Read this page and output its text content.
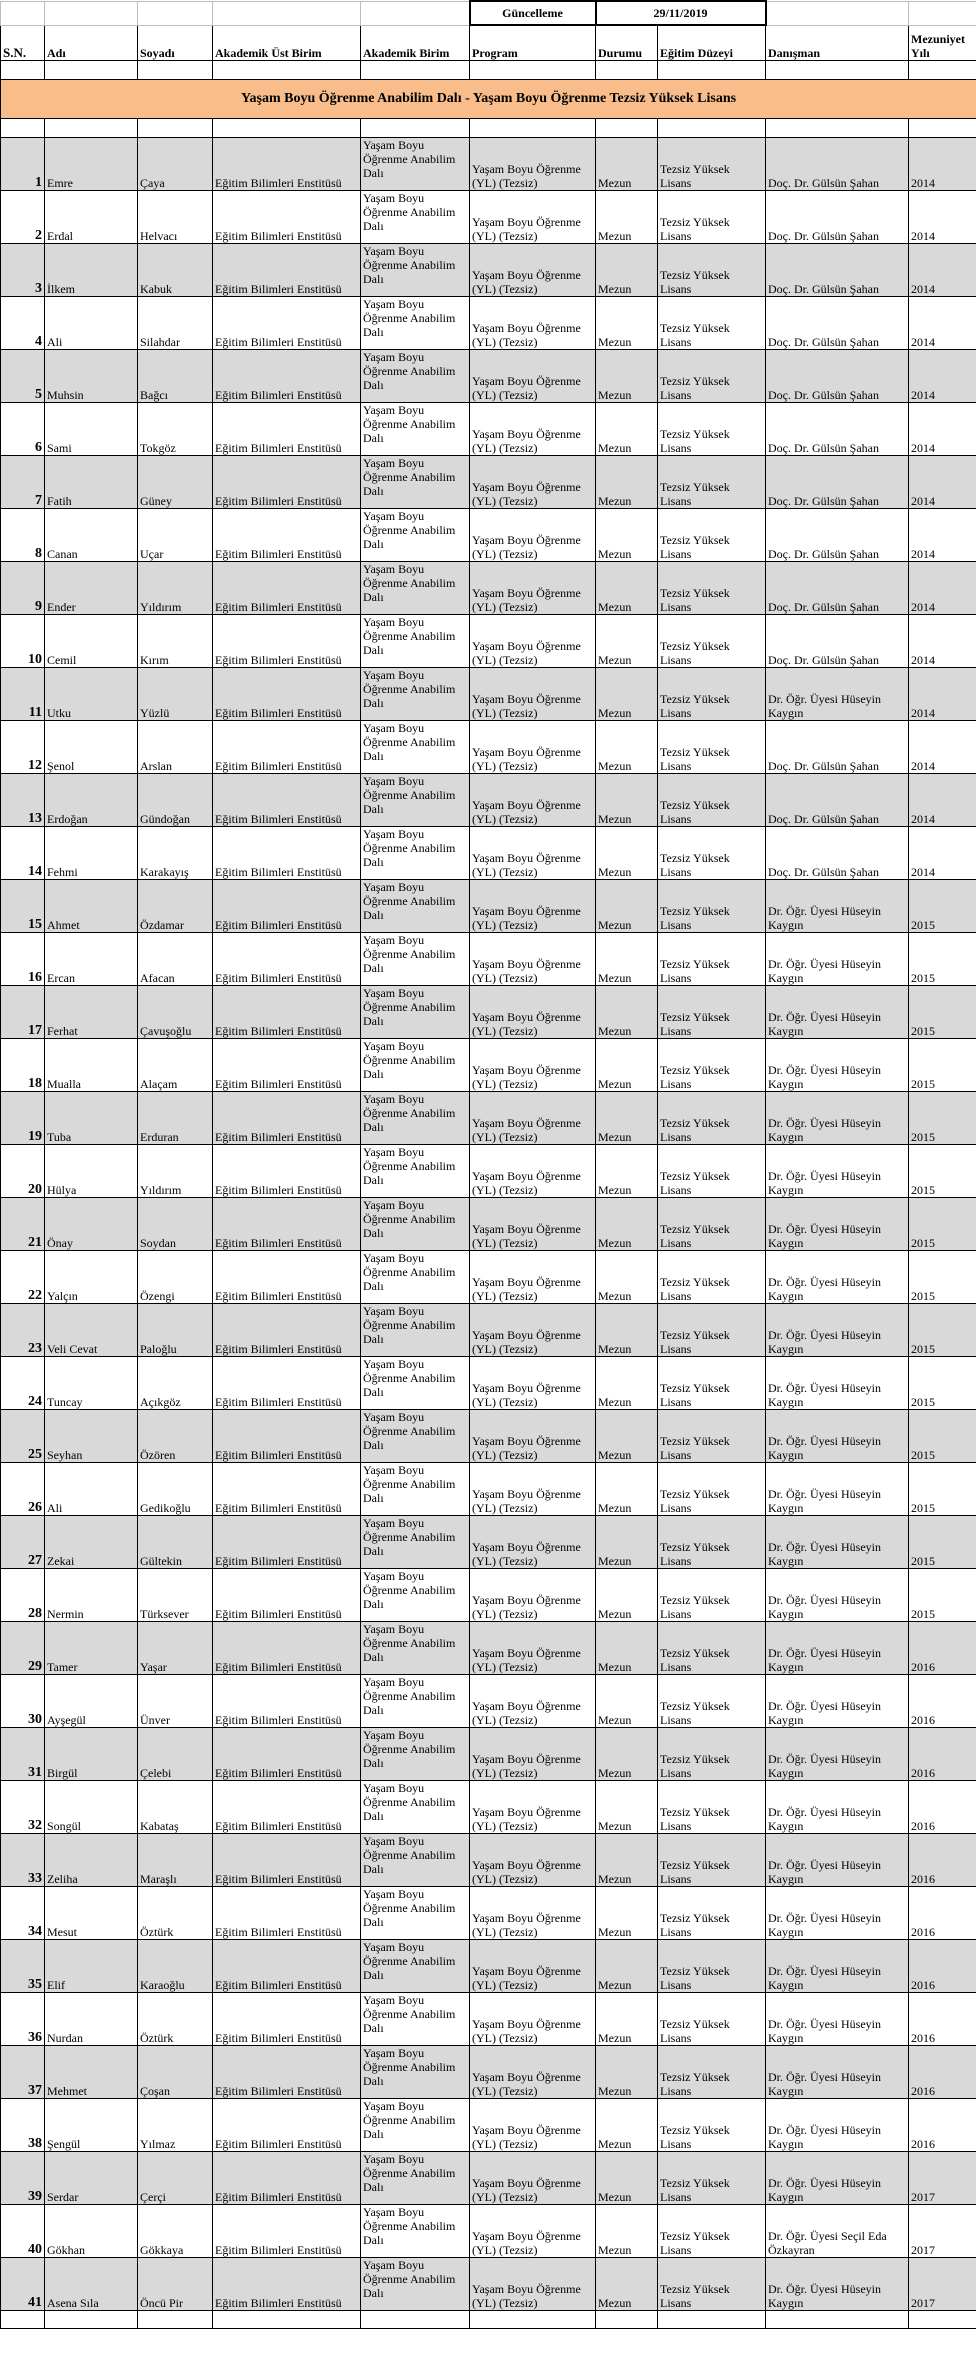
					Güncelleme	29/11/2019			
S.N.	Adı	Soyadı	Akademik Üst Birim	Akademik Birim	Program	Durumu	Eğitim Düzeyi	Danışman	Mezuniyet Yılı

Yaşam Boyu Öğrenme Anabilim Dalı - Yaşam Boyu Öğrenme Tezsiz Yüksek Lisans									

1	Emre	Çaya	Eğitim Bilimleri Enstitüsü	Yaşam Boyu Öğrenme Anabilim Dalı	Yaşam Boyu Öğrenme (YL) (Tezsiz)	Mezun	Tezsiz Yüksek Lisans	Doç. Dr. Gülsün Şahan	2014
2	Erdal	Helvacı	Eğitim Bilimleri Enstitüsü	Yaşam Boyu Öğrenme Anabilim Dalı	Yaşam Boyu Öğrenme (YL) (Tezsiz)	Mezun	Tezsiz Yüksek Lisans	Doç. Dr. Gülsün Şahan	2014
3	İlkem	Kabuk	Eğitim Bilimleri Enstitüsü	Yaşam Boyu Öğrenme Anabilim Dalı	Yaşam Boyu Öğrenme (YL) (Tezsiz)	Mezun	Tezsiz Yüksek Lisans	Doç. Dr. Gülsün Şahan	2014
4	Ali	Silahdar	Eğitim Bilimleri Enstitüsü	Yaşam Boyu Öğrenme Anabilim Dalı	Yaşam Boyu Öğrenme (YL) (Tezsiz)	Mezun	Tezsiz Yüksek Lisans	Doç. Dr. Gülsün Şahan	2014
5	Muhsin	Bağcı	Eğitim Bilimleri Enstitüsü	Yaşam Boyu Öğrenme Anabilim Dalı	Yaşam Boyu Öğrenme (YL) (Tezsiz)	Mezun	Tezsiz Yüksek Lisans	Doç. Dr. Gülsün Şahan	2014
6	Sami	Tokgöz	Eğitim Bilimleri Enstitüsü	Yaşam Boyu Öğrenme Anabilim Dalı	Yaşam Boyu Öğrenme (YL) (Tezsiz)	Mezun	Tezsiz Yüksek Lisans	Doç. Dr. Gülsün Şahan	2014
7	Fatih	Güney	Eğitim Bilimleri Enstitüsü	Yaşam Boyu Öğrenme Anabilim Dalı	Yaşam Boyu Öğrenme (YL) (Tezsiz)	Mezun	Tezsiz Yüksek Lisans	Doç. Dr. Gülsün Şahan	2014
8	Canan	Uçar	Eğitim Bilimleri Enstitüsü	Yaşam Boyu Öğrenme Anabilim Dalı	Yaşam Boyu Öğrenme (YL) (Tezsiz)	Mezun	Tezsiz Yüksek Lisans	Doç. Dr. Gülsün Şahan	2014
9	Ender	Yıldırım	Eğitim Bilimleri Enstitüsü	Yaşam Boyu Öğrenme Anabilim Dalı	Yaşam Boyu Öğrenme (YL) (Tezsiz)	Mezun	Tezsiz Yüksek Lisans	Doç. Dr. Gülsün Şahan	2014
10	Cemil	Kırım	Eğitim Bilimleri Enstitüsü	Yaşam Boyu Öğrenme Anabilim Dalı	Yaşam Boyu Öğrenme (YL) (Tezsiz)	Mezun	Tezsiz Yüksek Lisans	Doç. Dr. Gülsün Şahan	2014
11	Utku	Yüzlü	Eğitim Bilimleri Enstitüsü	Yaşam Boyu Öğrenme Anabilim Dalı	Yaşam Boyu Öğrenme (YL) (Tezsiz)	Mezun	Tezsiz Yüksek Lisans	Dr. Öğr. Üyesi Hüseyin Kaygın	2014
12	Şenol	Arslan	Eğitim Bilimleri Enstitüsü	Yaşam Boyu Öğrenme Anabilim Dalı	Yaşam Boyu Öğrenme (YL) (Tezsiz)	Mezun	Tezsiz Yüksek Lisans	Doç. Dr. Gülsün Şahan	2014
13	Erdoğan	Gündoğan	Eğitim Bilimleri Enstitüsü	Yaşam Boyu Öğrenme Anabilim Dalı	Yaşam Boyu Öğrenme (YL) (Tezsiz)	Mezun	Tezsiz Yüksek Lisans	Doç. Dr. Gülsün Şahan	2014
14	Fehmi	Karakayış	Eğitim Bilimleri Enstitüsü	Yaşam Boyu Öğrenme Anabilim Dalı	Yaşam Boyu Öğrenme (YL) (Tezsiz)	Mezun	Tezsiz Yüksek Lisans	Doç. Dr. Gülsün Şahan	2014
15	Ahmet	Özdamar	Eğitim Bilimleri Enstitüsü	Yaşam Boyu Öğrenme Anabilim Dalı	Yaşam Boyu Öğrenme (YL) (Tezsiz)	Mezun	Tezsiz Yüksek Lisans	Dr. Öğr. Üyesi Hüseyin Kaygın	2015
16	Ercan	Afacan	Eğitim Bilimleri Enstitüsü	Yaşam Boyu Öğrenme Anabilim Dalı	Yaşam Boyu Öğrenme (YL) (Tezsiz)	Mezun	Tezsiz Yüksek Lisans	Dr. Öğr. Üyesi Hüseyin Kaygın	2015
17	Ferhat	Çavuşoğlu	Eğitim Bilimleri Enstitüsü	Yaşam Boyu Öğrenme Anabilim Dalı	Yaşam Boyu Öğrenme (YL) (Tezsiz)	Mezun	Tezsiz Yüksek Lisans	Dr. Öğr. Üyesi Hüseyin Kaygın	2015
18	Mualla	Alaçam	Eğitim Bilimleri Enstitüsü	Yaşam Boyu Öğrenme Anabilim Dalı	Yaşam Boyu Öğrenme (YL) (Tezsiz)	Mezun	Tezsiz Yüksek Lisans	Dr. Öğr. Üyesi Hüseyin Kaygın	2015
19	Tuba	Erduran	Eğitim Bilimleri Enstitüsü	Yaşam Boyu Öğrenme Anabilim Dalı	Yaşam Boyu Öğrenme (YL) (Tezsiz)	Mezun	Tezsiz Yüksek Lisans	Dr. Öğr. Üyesi Hüseyin Kaygın	2015
20	Hülya	Yıldırım	Eğitim Bilimleri Enstitüsü	Yaşam Boyu Öğrenme Anabilim Dalı	Yaşam Boyu Öğrenme (YL) (Tezsiz)	Mezun	Tezsiz Yüksek Lisans	Dr. Öğr. Üyesi Hüseyin Kaygın	2015
21	Önay	Soydan	Eğitim Bilimleri Enstitüsü	Yaşam Boyu Öğrenme Anabilim Dalı	Yaşam Boyu Öğrenme (YL) (Tezsiz)	Mezun	Tezsiz Yüksek Lisans	Dr. Öğr. Üyesi Hüseyin Kaygın	2015
22	Yalçın	Özengi	Eğitim Bilimleri Enstitüsü	Yaşam Boyu Öğrenme Anabilim Dalı	Yaşam Boyu Öğrenme (YL) (Tezsiz)	Mezun	Tezsiz Yüksek Lisans	Dr. Öğr. Üyesi Hüseyin Kaygın	2015
23	Veli Cevat	Paloğlu	Eğitim Bilimleri Enstitüsü	Yaşam Boyu Öğrenme Anabilim Dalı	Yaşam Boyu Öğrenme (YL) (Tezsiz)	Mezun	Tezsiz Yüksek Lisans	Dr. Öğr. Üyesi Hüseyin Kaygın	2015
24	Tuncay	Açıkgöz	Eğitim Bilimleri Enstitüsü	Yaşam Boyu Öğrenme Anabilim Dalı	Yaşam Boyu Öğrenme (YL) (Tezsiz)	Mezun	Tezsiz Yüksek Lisans	Dr. Öğr. Üyesi Hüseyin Kaygın	2015
25	Seyhan	Özören	Eğitim Bilimleri Enstitüsü	Yaşam Boyu Öğrenme Anabilim Dalı	Yaşam Boyu Öğrenme (YL) (Tezsiz)	Mezun	Tezsiz Yüksek Lisans	Dr. Öğr. Üyesi Hüseyin Kaygın	2015
26	Ali	Gedikoğlu	Eğitim Bilimleri Enstitüsü	Yaşam Boyu Öğrenme Anabilim Dalı	Yaşam Boyu Öğrenme (YL) (Tezsiz)	Mezun	Tezsiz Yüksek Lisans	Dr. Öğr. Üyesi Hüseyin Kaygın	2015
27	Zekai	Gültekin	Eğitim Bilimleri Enstitüsü	Yaşam Boyu Öğrenme Anabilim Dalı	Yaşam Boyu Öğrenme (YL) (Tezsiz)	Mezun	Tezsiz Yüksek Lisans	Dr. Öğr. Üyesi Hüseyin Kaygın	2015
28	Nermin	Türksever	Eğitim Bilimleri Enstitüsü	Yaşam Boyu Öğrenme Anabilim Dalı	Yaşam Boyu Öğrenme (YL) (Tezsiz)	Mezun	Tezsiz Yüksek Lisans	Dr. Öğr. Üyesi Hüseyin Kaygın	2015
29	Tamer	Yaşar	Eğitim Bilimleri Enstitüsü	Yaşam Boyu Öğrenme Anabilim Dalı	Yaşam Boyu Öğrenme (YL) (Tezsiz)	Mezun	Tezsiz Yüksek Lisans	Dr. Öğr. Üyesi Hüseyin Kaygın	2016
30	Ayşegül	Ünver	Eğitim Bilimleri Enstitüsü	Yaşam Boyu Öğrenme Anabilim Dalı	Yaşam Boyu Öğrenme (YL) (Tezsiz)	Mezun	Tezsiz Yüksek Lisans	Dr. Öğr. Üyesi Hüseyin Kaygın	2016
31	Birgül	Çelebi	Eğitim Bilimleri Enstitüsü	Yaşam Boyu Öğrenme Anabilim Dalı	Yaşam Boyu Öğrenme (YL) (Tezsiz)	Mezun	Tezsiz Yüksek Lisans	Dr. Öğr. Üyesi Hüseyin Kaygın	2016
32	Songül	Kabataş	Eğitim Bilimleri Enstitüsü	Yaşam Boyu Öğrenme Anabilim Dalı	Yaşam Boyu Öğrenme (YL) (Tezsiz)	Mezun	Tezsiz Yüksek Lisans	Dr. Öğr. Üyesi Hüseyin Kaygın	2016
33	Zeliha	Maraşlı	Eğitim Bilimleri Enstitüsü	Yaşam Boyu Öğrenme Anabilim Dalı	Yaşam Boyu Öğrenme (YL) (Tezsiz)	Mezun	Tezsiz Yüksek Lisans	Dr. Öğr. Üyesi Hüseyin Kaygın	2016
34	Mesut	Öztürk	Eğitim Bilimleri Enstitüsü	Yaşam Boyu Öğrenme Anabilim Dalı	Yaşam Boyu Öğrenme (YL) (Tezsiz)	Mezun	Tezsiz Yüksek Lisans	Dr. Öğr. Üyesi Hüseyin Kaygın	2016
35	Elif	Karaoğlu	Eğitim Bilimleri Enstitüsü	Yaşam Boyu Öğrenme Anabilim Dalı	Yaşam Boyu Öğrenme (YL) (Tezsiz)	Mezun	Tezsiz Yüksek Lisans	Dr. Öğr. Üyesi Hüseyin Kaygın	2016
36	Nurdan	Öztürk	Eğitim Bilimleri Enstitüsü	Yaşam Boyu Öğrenme Anabilim Dalı	Yaşam Boyu Öğrenme (YL) (Tezsiz)	Mezun	Tezsiz Yüksek Lisans	Dr. Öğr. Üyesi Hüseyin Kaygın	2016
37	Mehmet	Çoşan	Eğitim Bilimleri Enstitüsü	Yaşam Boyu Öğrenme Anabilim Dalı	Yaşam Boyu Öğrenme (YL) (Tezsiz)	Mezun	Tezsiz Yüksek Lisans	Dr. Öğr. Üyesi Hüseyin Kaygın	2016
38	Şengül	Yılmaz	Eğitim Bilimleri Enstitüsü	Yaşam Boyu Öğrenme Anabilim Dalı	Yaşam Boyu Öğrenme (YL) (Tezsiz)	Mezun	Tezsiz Yüksek Lisans	Dr. Öğr. Üyesi Hüseyin Kaygın	2016
39	Serdar	Çerçi	Eğitim Bilimleri Enstitüsü	Yaşam Boyu Öğrenme Anabilim Dalı	Yaşam Boyu Öğrenme (YL) (Tezsiz)	Mezun	Tezsiz Yüksek Lisans	Dr. Öğr. Üyesi Hüseyin Kaygın	2017
40	Gökhan	Gökkaya	Eğitim Bilimleri Enstitüsü	Yaşam Boyu Öğrenme Anabilim Dalı	Yaşam Boyu Öğrenme (YL) (Tezsiz)	Mezun	Tezsiz Yüksek Lisans	Dr. Öğr. Üyesi Seçil Eda Özkayran	2017
41	Asena Sıla	Öncü Pir	Eğitim Bilimleri Enstitüsü	Yaşam Boyu Öğrenme Anabilim Dalı	Yaşam Boyu Öğrenme (YL) (Tezsiz)	Mezun	Tezsiz Yüksek Lisans	Dr. Öğr. Üyesi Hüseyin Kaygın	2017
